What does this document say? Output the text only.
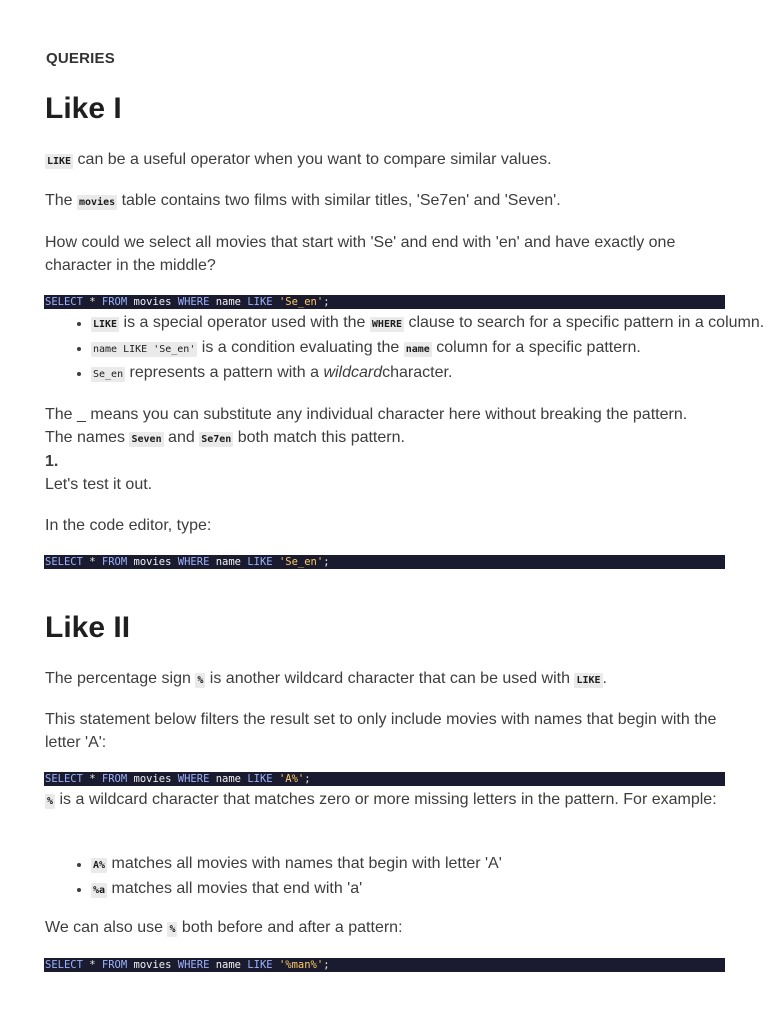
QUERIES
Like I
LIKE can be a useful operator when you want to compare similar values.
The movies table contains two films with similar titles, 'Se7en' and 'Seven'.
How could we select all movies that start with 'Se' and end with 'en' and have exactly one character in the middle?
SELECT * FROM movies WHERE name LIKE 'Se_en';
• LIKE is a special operator used with the WHERE clause to search for a specific pattern in a column.
• name LIKE 'Se_en' is a condition evaluating the name column for a specific pattern.
• Se_en represents a pattern with a wildcardcharacter.
The _ means you can substitute any individual character here without breaking the pattern.
The names Seven and Se7en both match this pattern.
1.
Let's test it out.
In the code editor, type:
SELECT * FROM movies WHERE name LIKE 'Se_en';
Like II
The percentage sign % is another wildcard character that can be used with LIKE .
This statement below filters the result set to only include movies with names that begin with the letter 'A':
SELECT * FROM movies WHERE name LIKE 'A%';
% is a wildcard character that matches zero or more missing letters in the pattern. For example:
• A% matches all movies with names that begin with letter 'A'
• %a matches all movies that end with 'a'
We can also use % both before and after a pattern:
SELECT * FROM movies WHERE name LIKE '%man%';
